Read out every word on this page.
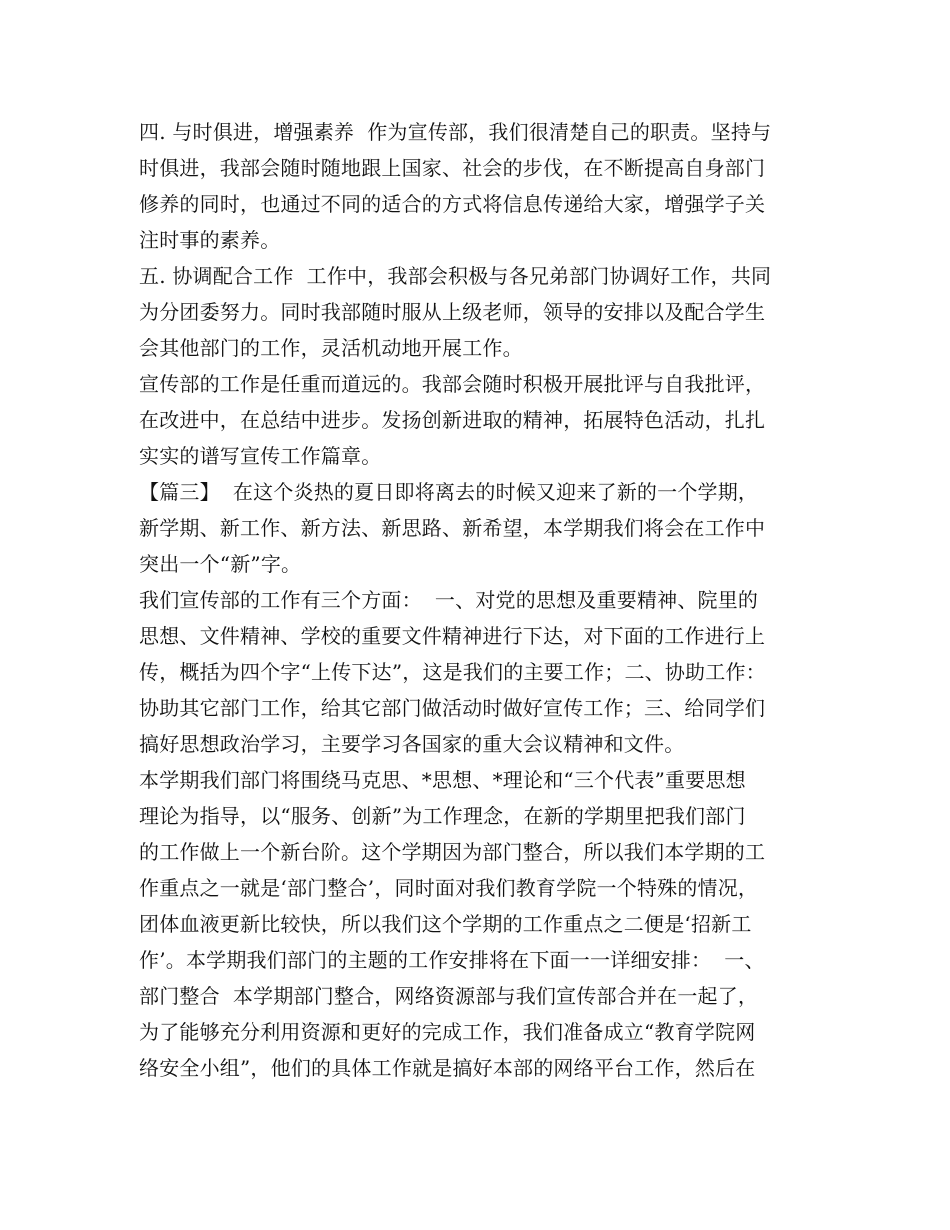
四. 与时俱进，增强素养  作为宣传部，我们很清楚自己的职责。坚持与
时俱进，我部会随时随地跟上国家、社会的步伐，在不断提高自身部门
修养的同时，也通过不同的适合的方式将信息传递给大家，增强学子关
注时事的素养。
五. 协调配合工作  工作中，我部会积极与各兄弟部门协调好工作，共同
为分团委努力。同时我部随时服从上级老师，领导的安排以及配合学生
会其他部门的工作，灵活机动地开展工作。
宣传部的工作是任重而道远的。我部会随时积极开展批评与自我批评，
在改进中，在总结中进步。发扬创新进取的精神，拓展特色活动，扎扎
实实的谱写宣传工作篇章。
【篇三】  在这个炎热的夏日即将离去的时候又迎来了新的一个学期，
新学期、新工作、新方法、新思路、新希望，本学期我们将会在工作中
突出一个“新”字。
我们宣传部的工作有三个方面：  一、对党的思想及重要精神、院里的
思想、文件精神、学校的重要文件精神进行下达，对下面的工作进行上
传，概括为四个字“上传下达”，这是我们的主要工作；二、协助工作：
协助其它部门工作，给其它部门做活动时做好宣传工作；三、给同学们
搞好思想政治学习，主要学习各国家的重大会议精神和文件。
本学期我们部门将围绕马克思、*思想、*理论和“三个代表”重要思想
理论为指导，以“服务、创新”为工作理念，在新的学期里把我们部门
的工作做上一个新台阶。这个学期因为部门整合，所以我们本学期的工
作重点之一就是‘部门整合’，同时面对我们教育学院一个特殊的情况，
团体血液更新比较快，所以我们这个学期的工作重点之二便是‘招新工
作’。本学期我们部门的主题的工作安排将在下面一一详细安排：  一、
部门整合  本学期部门整合，网络资源部与我们宣传部合并在一起了，
为了能够充分利用资源和更好的完成工作，我们准备成立“教育学院网
络安全小组”，他们的具体工作就是搞好本部的网络平台工作，然后在
